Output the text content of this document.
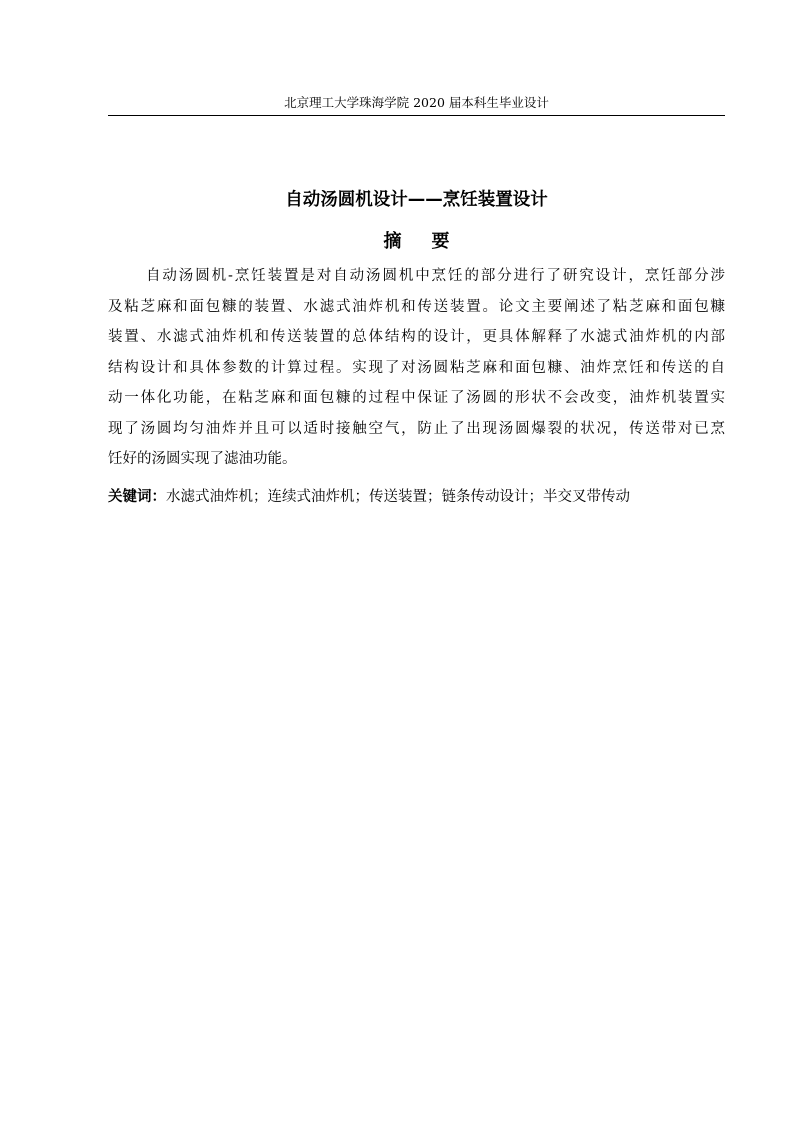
北京理工大学珠海学院 2020 届本科生毕业设计
自动汤圆机设计——烹饪装置设计
摘要
自动汤圆机-烹饪装置是对自动汤圆机中烹饪的部分进行了研究设计，烹饪部分涉
及粘芝麻和面包糠的装置、水滤式油炸机和传送装置。论文主要阐述了粘芝麻和面包糠
装置、水滤式油炸机和传送装置的总体结构的设计，更具体解释了水滤式油炸机的内部
结构设计和具体参数的计算过程。实现了对汤圆粘芝麻和面包糠、油炸烹饪和传送的自
动一体化功能，在粘芝麻和面包糠的过程中保证了汤圆的形状不会改变，油炸机装置实
现了汤圆均匀油炸并且可以适时接触空气，防止了出现汤圆爆裂的状况，传送带对已烹
饪好的汤圆实现了滤油功能。
关键词：水滤式油炸机；连续式油炸机；传送装置；链条传动设计；半交叉带传动
